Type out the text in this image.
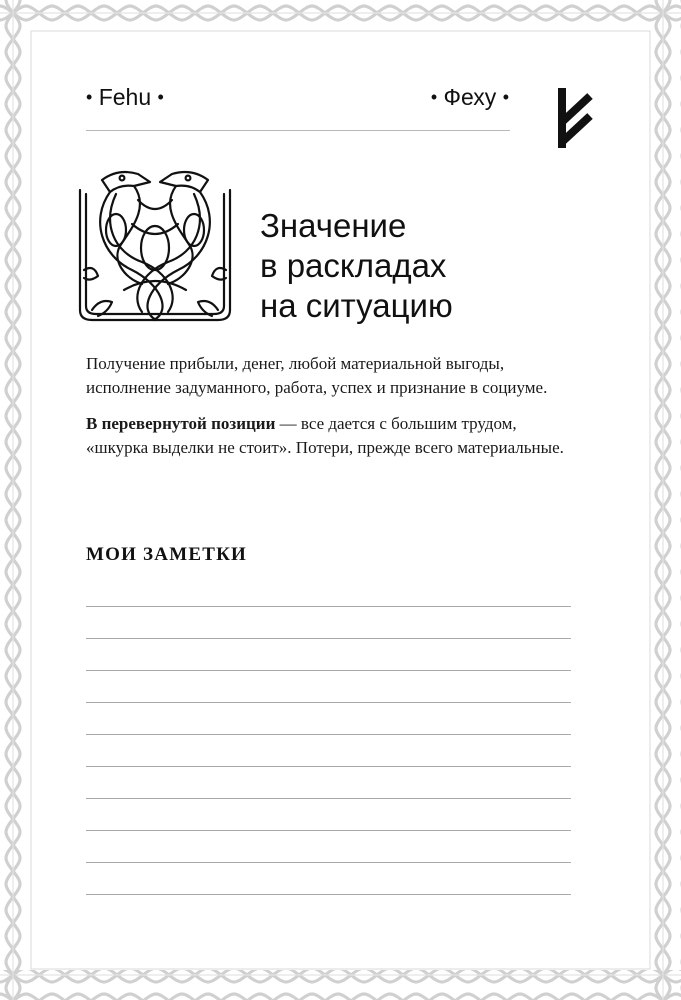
• Fehu •	• Феху •
Значение
в раскладах
на ситуацию

Получение прибыли, денег, любой материальной выгоды, исполнение задуманного, работа, успех и признание в социуме.

В перевернутой позиции — все дается с большим трудом, «шкурка выделки не стоит». Потери, прежде всего материальные.

МОИ ЗАМЕТКИ
